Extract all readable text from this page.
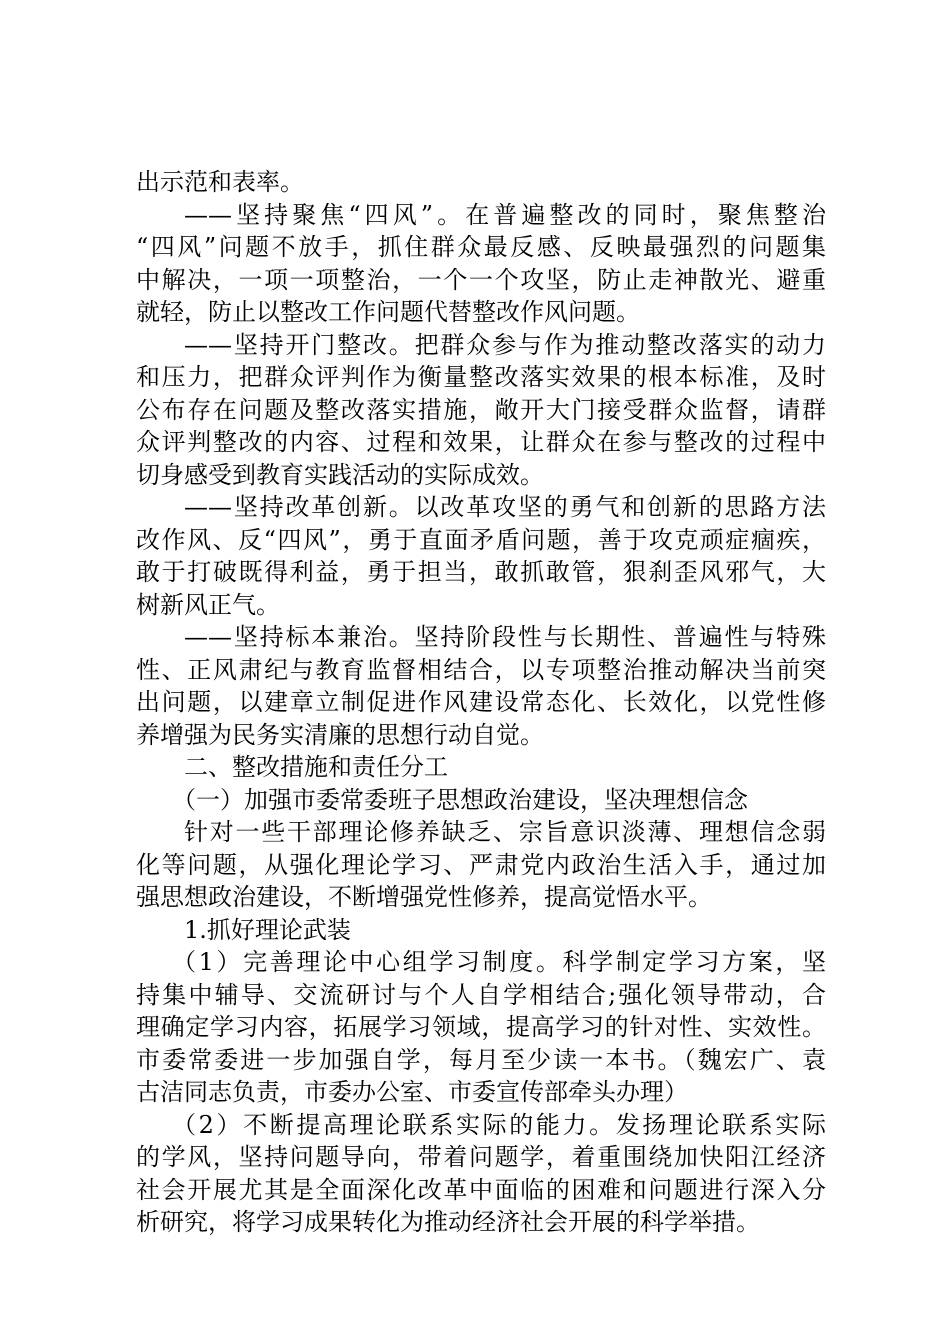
出示范和表率。
——坚持聚焦“四风”。在普遍整改的同时，聚焦整治
“四风”问题不放手，抓住群众最反感、反映最强烈的问题集
中解决，一项一项整治，一个一个攻坚，防止走神散光、避重
就轻，防止以整改工作问题代替整改作风问题。
——坚持开门整改。把群众参与作为推动整改落实的动力
和压力，把群众评判作为衡量整改落实效果的根本标准，及时
公布存在问题及整改落实措施，敞开大门接受群众监督，请群
众评判整改的内容、过程和效果，让群众在参与整改的过程中
切身感受到教育实践活动的实际成效。
——坚持改革创新。以改革攻坚的勇气和创新的思路方法
改作风、反“四风”，勇于直面矛盾问题，善于攻克顽症痼疾，
敢于打破既得利益，勇于担当，敢抓敢管，狠刹歪风邪气，大
树新风正气。
——坚持标本兼治。坚持阶段性与长期性、普遍性与特殊
性、正风肃纪与教育监督相结合，以专项整治推动解决当前突
出问题，以建章立制促进作风建设常态化、长效化，以党性修
养增强为民务实清廉的思想行动自觉。
二、整改措施和责任分工
（一）加强市委常委班子思想政治建设，坚决理想信念
针对一些干部理论修养缺乏、宗旨意识淡薄、理想信念弱
化等问题，从强化理论学习、严肃党内政治生活入手，通过加
强思想政治建设，不断增强党性修养，提高觉悟水平。
1.抓好理论武装
（1）完善理论中心组学习制度。科学制定学习方案，坚
持集中辅导、交流研讨与个人自学相结合;强化领导带动，合
理确定学习内容，拓展学习领域，提高学习的针对性、实效性。
市委常委进一步加强自学，每月至少读一本书。（魏宏广、袁
古洁同志负责，市委办公室、市委宣传部牵头办理）
（2）不断提高理论联系实际的能力。发扬理论联系实际
的学风，坚持问题导向，带着问题学，着重围绕加快阳江经济
社会开展尤其是全面深化改革中面临的困难和问题进行深入分
析研究，将学习成果转化为推动经济社会开展的科学举措。
